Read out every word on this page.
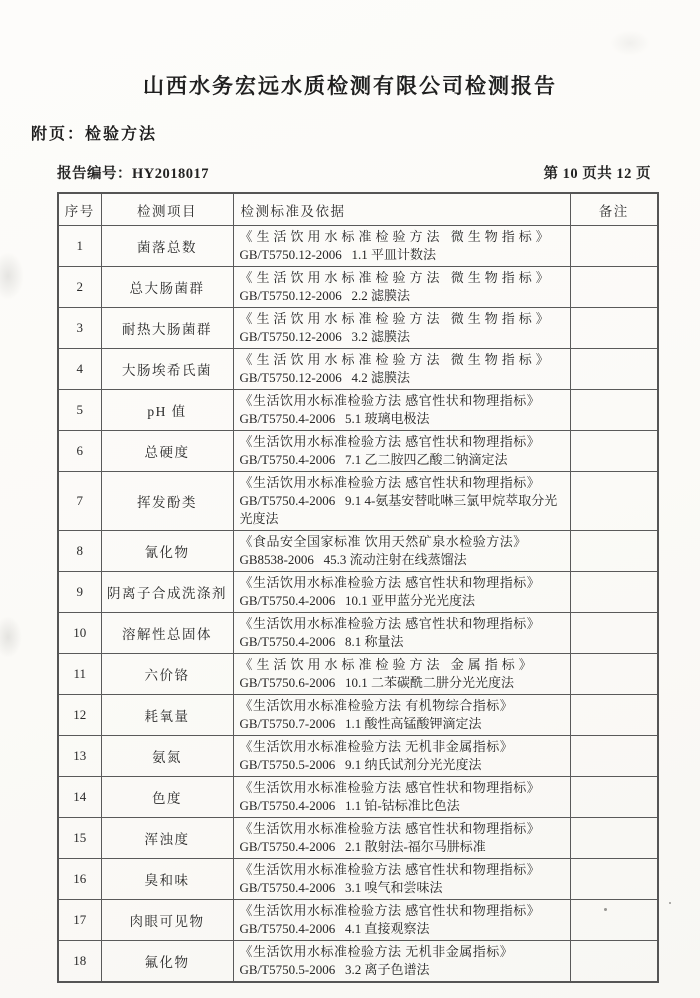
山西水务宏远水质检测有限公司检测报告
附页：检验方法
报告编号：HY2018017	第 10 页共 12 页
序号	检测项目	检测标准及依据	备注
1	菌落总数	《生活饮用水标准检验方法 微生物指标》
GB/T5750.12-2006   1.1 平皿计数法	

2	总大肠菌群	《生活饮用水标准检验方法 微生物指标》
GB/T5750.12-2006   2.2 滤膜法	

3	耐热大肠菌群	《生活饮用水标准检验方法 微生物指标》
GB/T5750.12-2006   3.2 滤膜法	

4	大肠埃希氏菌	《生活饮用水标准检验方法 微生物指标》
GB/T5750.12-2006   4.2 滤膜法	

5	pH 值	《生活饮用水标准检验方法 感官性状和物理指标》
GB/T5750.4-2006   5.1 玻璃电极法	

6	总硬度	《生活饮用水标准检验方法 感官性状和物理指标》
GB/T5750.4-2006   7.1 乙二胺四乙酸二钠滴定法	

7	挥发酚类	《生活饮用水标准检验方法 感官性状和物理指标》
GB/T5750.4-2006   9.1 4-氨基安替吡啉三氯甲烷萃取分光光度法	

8	氰化物	《食品安全国家标准 饮用天然矿泉水检验方法》
GB8538-2006   45.3 流动注射在线蒸馏法	

9	阴离子合成洗涤剂	《生活饮用水标准检验方法 感官性状和物理指标》
GB/T5750.4-2006   10.1 亚甲蓝分光光度法	

10	溶解性总固体	《生活饮用水标准检验方法 感官性状和物理指标》
GB/T5750.4-2006   8.1 称量法	

11	六价铬	《生活饮用水标准检验方法 金属指标》
GB/T5750.6-2006   10.1 二苯碳酰二肼分光光度法	

12	耗氧量	《生活饮用水标准检验方法 有机物综合指标》
GB/T5750.7-2006   1.1 酸性高锰酸钾滴定法	

13	氨氮	《生活饮用水标准检验方法 无机非金属指标》
GB/T5750.5-2006   9.1 纳氏试剂分光光度法	

14	色度	《生活饮用水标准检验方法 感官性状和物理指标》
GB/T5750.4-2006   1.1 铂-钴标准比色法	

15	浑浊度	《生活饮用水标准检验方法 感官性状和物理指标》
GB/T5750.4-2006   2.1 散射法-福尔马肼标准	

16	臭和味	《生活饮用水标准检验方法 感官性状和物理指标》
GB/T5750.4-2006   3.1 嗅气和尝味法	

17	肉眼可见物	《生活饮用水标准检验方法 感官性状和物理指标》
GB/T5750.4-2006   4.1 直接观察法	

18	氟化物	《生活饮用水标准检验方法 无机非金属指标》
GB/T5750.5-2006   3.2 离子色谱法	
